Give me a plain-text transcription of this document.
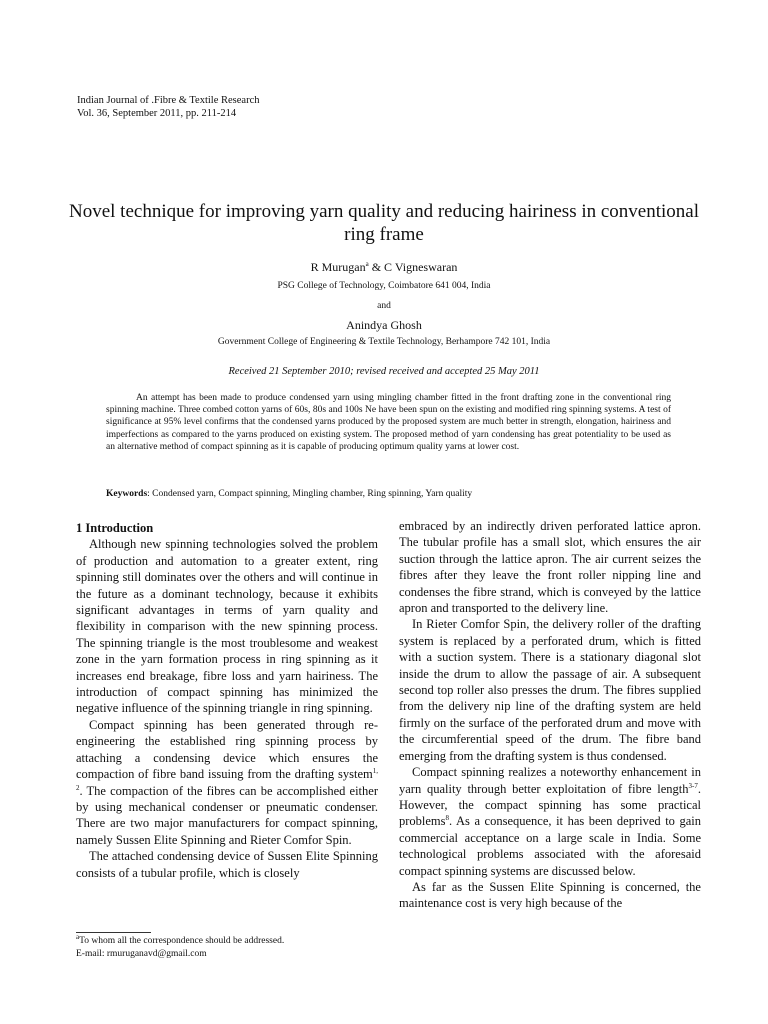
Indian Journal of .Fibre & Textile Research
Vol. 36, September 2011, pp. 211-214
Novel technique for improving yarn quality and reducing hairiness in conventional ring frame
R Murugan$^a$ & C Vigneswaran
PSG College of Technology, Coimbatore 641 004, India
and
Anindya Ghosh
Government College of Engineering & Textile Technology, Berhampore 742 101, India
Received 21 September 2010; revised received and accepted 25 May 2011
An attempt has been made to produce condensed yarn using mingling chamber fitted in the front drafting zone in the conventional ring spinning machine. Three combed cotton yarns of 60s, 80s and 100s Ne have been spun on the existing and modified ring spinning systems. A test of significance at 95% level confirms that the condensed yarns produced by the proposed system are much better in strength, elongation, hairiness and imperfections as compared to the yarns produced on existing system. The proposed method of yarn condensing has great potentiality to be used as an alternative method of compact spinning as it is capable of producing optimum quality yarns at lower cost.
Keywords: Condensed yarn, Compact spinning, Mingling chamber, Ring spinning, Yarn quality

1 Introduction

Although new spinning technologies solved the problem of production and automation to a greater extent, ring spinning still dominates over the others and will continue in the future as a dominant technology, because it exhibits significant advantages in terms of yarn quality and flexibility in comparison with the new spinning process. The spinning triangle is the most troublesome and weakest zone in the yarn formation process in ring spinning as it increases end breakage, fibre loss and yarn hairiness. The introduction of compact spinning has minimized the negative influence of the spinning triangle in ring spinning.

Compact spinning has been generated through re-engineering the established ring spinning process by attaching a condensing device which ensures the compaction of fibre band issuing from the drafting system$^{1, 2}$. The compaction of the fibres can be accomplished either by using mechanical condenser or pneumatic condenser. There are two major manufacturers for compact spinning, namely Sussen Elite Spinning and Rieter Comfor Spin.

The attached condensing device of Sussen Elite Spinning consists of a tubular profile, which is closely

embraced by an indirectly driven perforated lattice apron. The tubular profile has a small slot, which ensures the air suction through the lattice apron. The air current seizes the fibres after they leave the front roller nipping line and condenses the fibre strand, which is conveyed by the lattice apron and transported to the delivery line.

In Rieter Comfor Spin, the delivery roller of the drafting system is replaced by a perforated drum, which is fitted with a suction system. There is a stationary diagonal slot inside the drum to allow the passage of air. A subsequent second top roller also presses the drum. The fibres supplied from the delivery nip line of the drafting system are held firmly on the surface of the perforated drum and move with the circumferential speed of the drum. The fibre band emerging from the drafting system is thus condensed.

Compact spinning realizes a noteworthy enhancement in yarn quality through better exploitation of fibre length$^{3-7}$. However, the compact spinning has some practical problems$^8$. As a consequence, it has been deprived to gain commercial acceptance on a large scale in India. Some technological problems associated with the aforesaid compact spinning systems are discussed below.

As far as the Sussen Elite Spinning is concerned, the maintenance cost is very high because of the

$^a$To whom all the correspondence should be addressed.
E-mail: rmuruganavd@gmail.com
